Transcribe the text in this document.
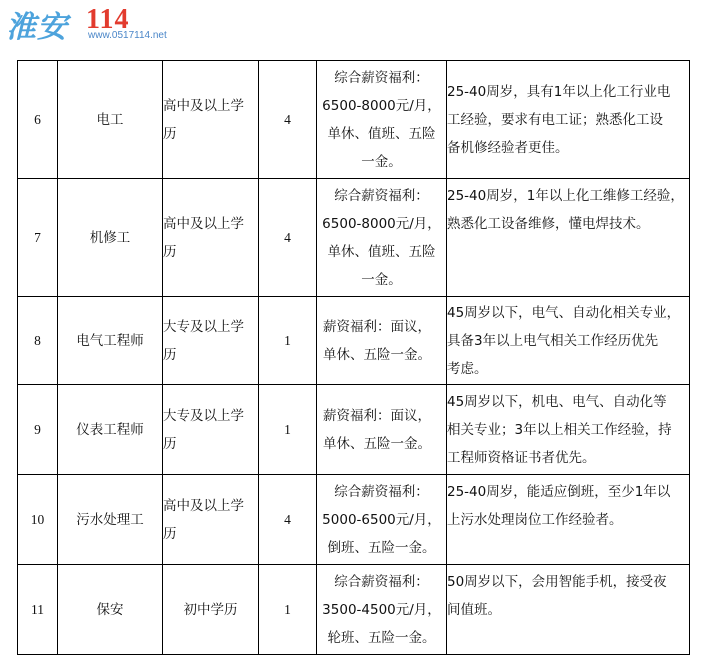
淮安 114
www.0517114.net
6	电工	高中及以上学
历	4	综合薪资福利：
6500-8000元/月，
单休、值班、五险
一金。	25-40周岁，具有1年以上化工行业电
工经验，要求有电工证；熟悉化工设
备机修经验者更佳。

7	机修工	高中及以上学
历	4	综合薪资福利：
6500-8000元/月，
单休、值班、五险
一金。	25-40周岁，1年以上化工维修工经验，
熟悉化工设备维修，懂电焊技术。

8	电气工程师	大专及以上学
历	1	薪资福利：面议，
单休、五险一金。	45周岁以下，电气、自动化相关专业，
具备3年以上电气相关工作经历优先
考虑。

9	仪表工程师	大专及以上学
历	1	薪资福利：面议，
单休、五险一金。	45周岁以下，机电、电气、自动化等
相关专业；3年以上相关工作经验，持
工程师资格证书者优先。

10	污水处理工	高中及以上学
历	4	综合薪资福利：
5000-6500元/月，
倒班、五险一金。	25-40周岁，能适应倒班，至少1年以
上污水处理岗位工作经验者。

11	保安	初中学历	1	综合薪资福利：
3500-4500元/月，
轮班、五险一金。	50周岁以下，会用智能手机，接受夜
间值班。
